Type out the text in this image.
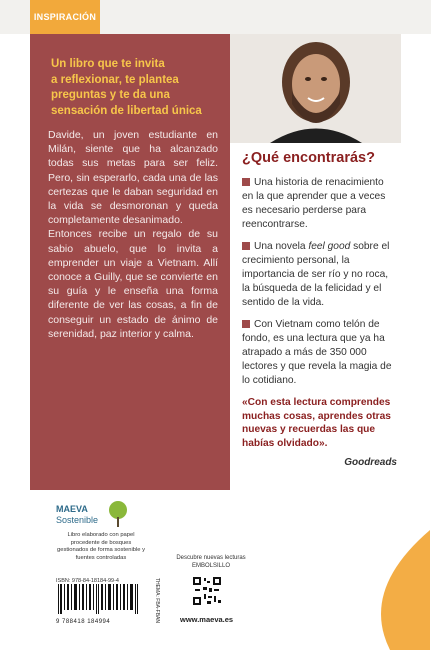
INSPIRACIÓN
Un libro que te invita
a reflexionar, te plantea
preguntas y te da una
sensación de libertad única

Davide, un joven estudiante en Milán, siente que ha alcanzado todas sus metas para ser feliz. Pero, sin esperarlo, cada una de las certezas que le daban seguridad en la vida se desmoronan y queda completamente desanimado.

Entonces recibe un regalo de su sabio abuelo, que lo invita a emprender un viaje a Vietnam. Allí conoce a Guilly, que se convierte en su guía y le enseña una forma diferente de ver las cosas, a fin de conseguir un estado de ánimo de serenidad, paz interior y calma.

¿Qué encontrarás?
Una historia de renacimiento en la que aprender que a veces es necesario perderse para reencontrarse.
Una novela feel good sobre el crecimiento personal, la importancia de ser río y no roca, la búsqueda de la felicidad y el sentido de la vida.
Con Vietnam como telón de fondo, es una lectura que ya ha atrapado a más de 350 000 lectores y que revela la magia de lo cotidiano.
«Con esta lectura comprendes muchas cosas, aprendes otras nuevas y recuerdas las que habías olvidado».
Goodreads
MAEVA
Sostenible
Libro elaborado con papel procedente de bosques gestionados de forma sostenible y fuentes controladas
ISBN: 978-84-18184-99-4
9 788418 184994	THEMA: FBA-FBAN
Descubre nuevas lecturas EMBOLSILLO
www.maeva.es
